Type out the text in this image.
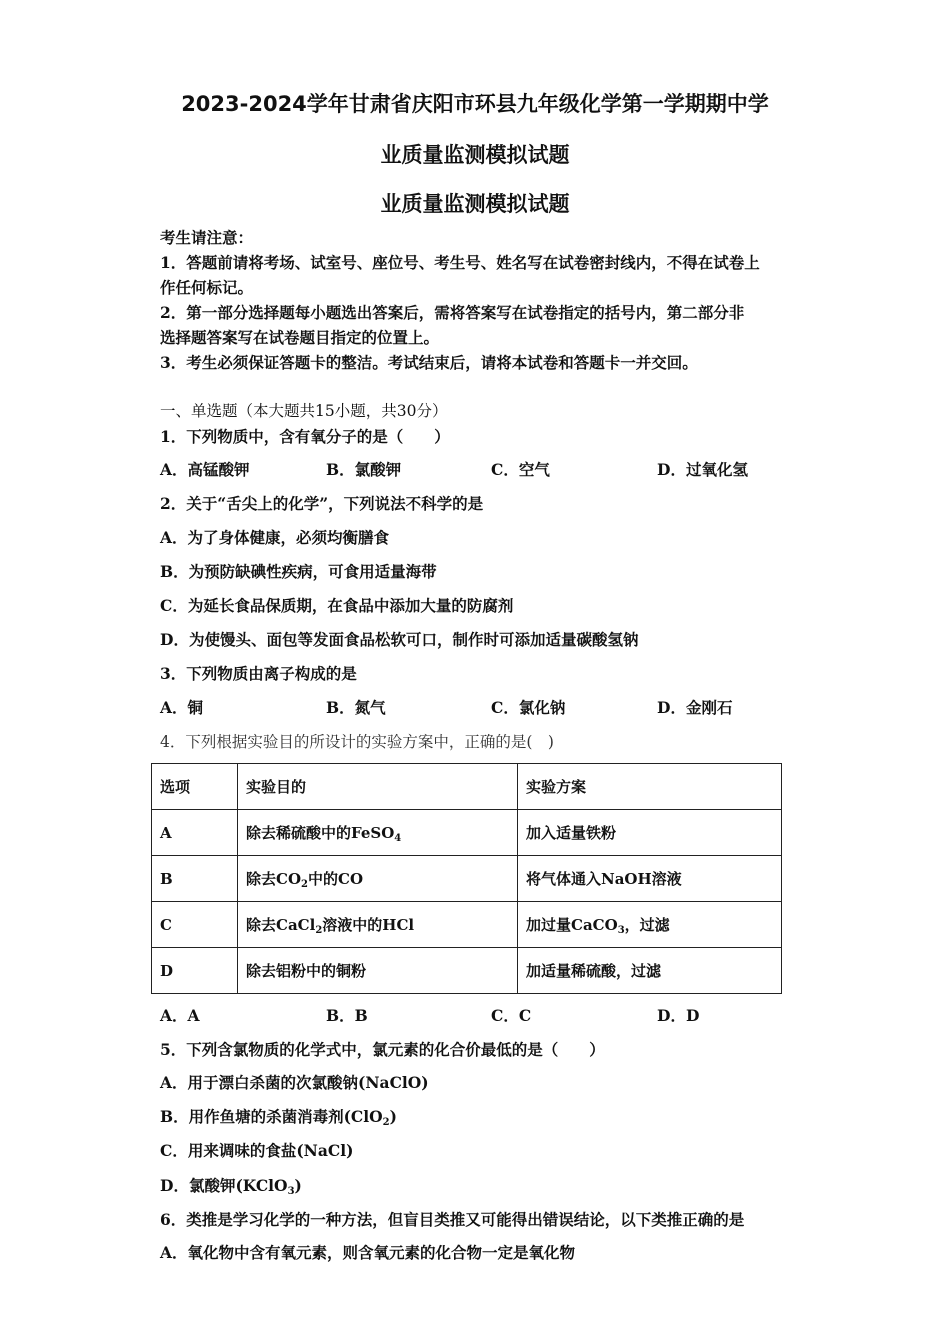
2023-2024学年甘肃省庆阳市环县九年级化学第一学期期中学
业质量监测模拟试题
业质量监测模拟试题
考生请注意：
1．答题前请将考场、试室号、座位号、考生号、姓名写在试卷密封线内，不得在试卷上
作任何标记。
2．第一部分选择题每小题选出答案后，需将答案写在试卷指定的括号内，第二部分非
选择题答案写在试卷题目指定的位置上。
3．考生必须保证答题卡的整洁。考试结束后，请将本试卷和答题卡一并交回。
一、单选题（本大题共15小题，共30分）
1．下列物质中，含有氧分子的是（　　）
A．高锰酸钾	B．氯酸钾	C．空气	D．过氧化氢
2．关于“舌尖上的化学”，下列说法不科学的是
A．为了身体健康，必须均衡膳食
B．为预防缺碘性疾病，可食用适量海带
C．为延长食品保质期，在食品中添加大量的防腐剂
D．为使馒头、面包等发面食品松软可口，制作时可添加适量碳酸氢钠
3．下列物质由离子构成的是
A．铜	B．氮气	C．氯化钠	D．金刚石
4．下列根据实验目的所设计的实验方案中，正确的是(　)
选项	实验目的	实验方案
A	除去稀硫酸中的FeSO$_4$	加入适量铁粉
B	除去$CO_2$中的CO	将气体通入NaOH溶液
C	除去CaCl$_2$溶液中的HCl	加过量CaCO$_3$，过滤
D	除去铝粉中的铜粉	加适量稀硫酸，过滤
A．A	B．B	C．C	D．D
5．下列含氯物质的化学式中，氯元素的化合价最低的是（　　）
A．用于漂白杀菌的次氯酸钠(NaClO)
B．用作鱼塘的杀菌消毒剂(ClO$_2$)
C．用来调味的食盐(NaCl)
D．氯酸钾(KClO$_3$)
6．类推是学习化学的一种方法，但盲目类推又可能得出错误结论，以下类推正确的是
A．氧化物中含有氧元素，则含氧元素的化合物一定是氧化物
